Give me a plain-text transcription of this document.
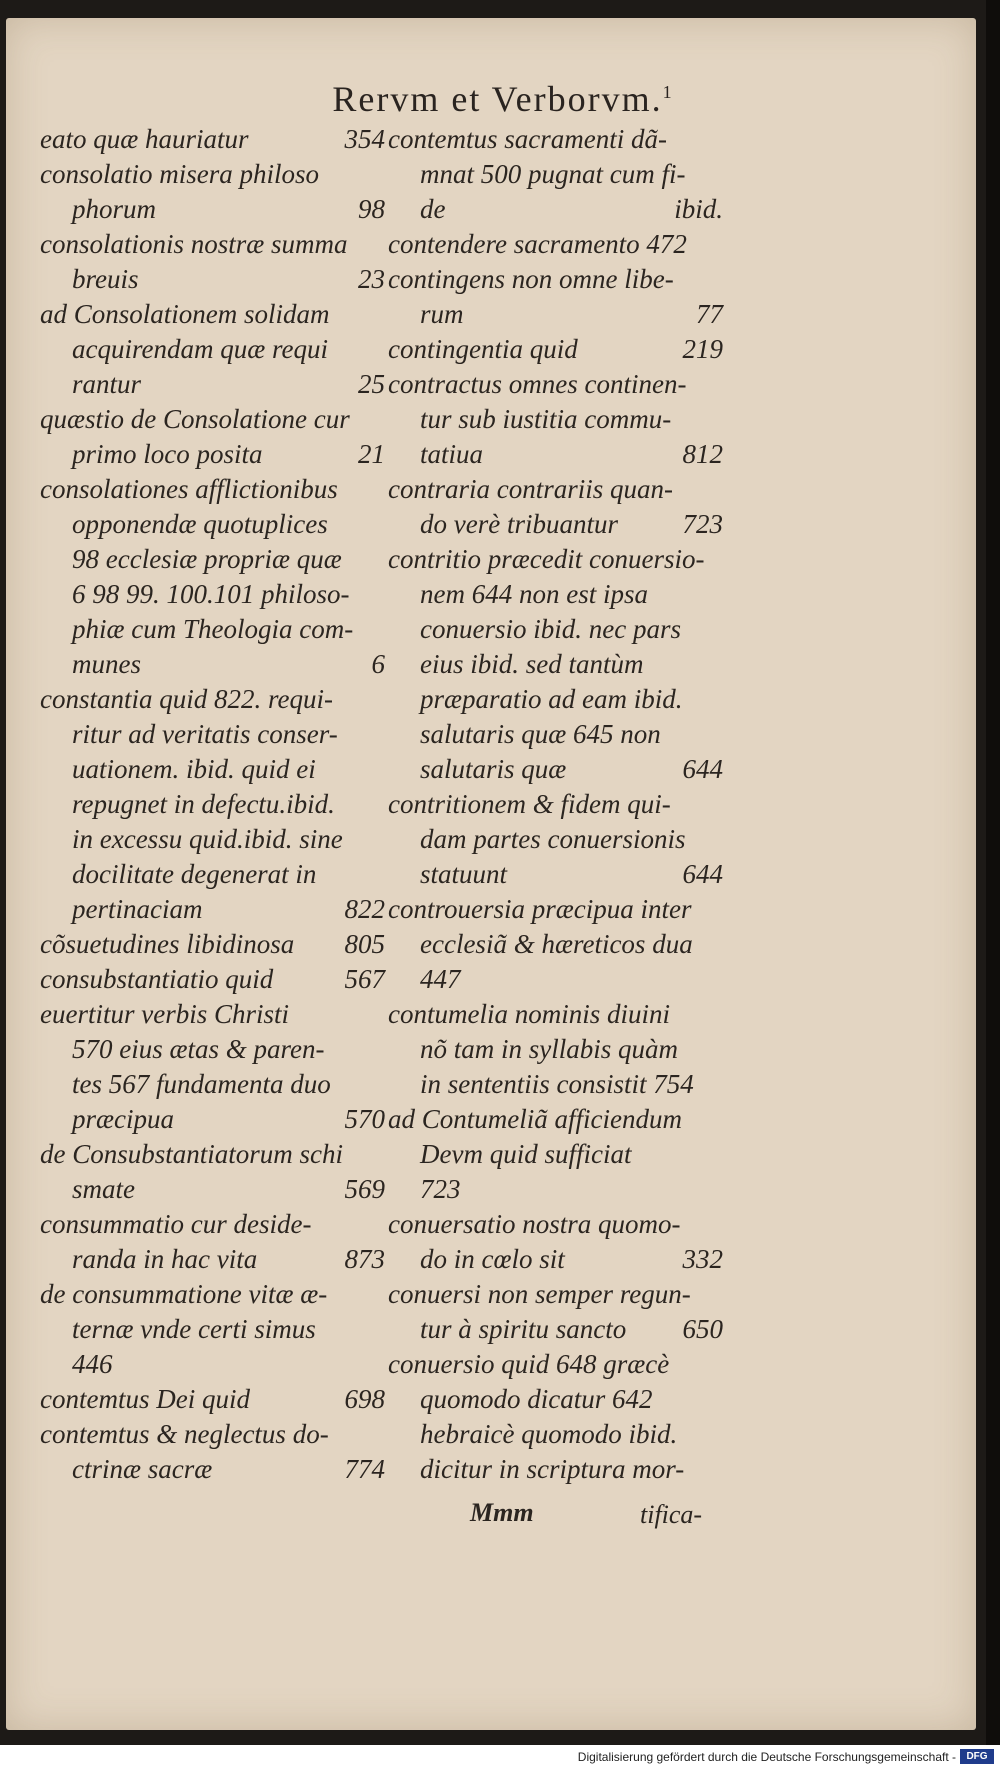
Rervm et Verborvm.$^1$
eato quæ hauriatur	354
consolatio misera philoso
phorum	98
consolationis nostræ summa
breuis	23
ad Consolationem solidam
acquirendam quæ requi
rantur	25
quæstio de Consolatione cur
primo loco posita	21
consolationes afflictionibus
opponendæ quotuplices
98 ecclesiæ propriæ quæ
6 98 99. 100.101 philoso-
phiæ cum Theologia com-
munes	6
constantia quid 822. requi-
ritur ad veritatis conser-
uationem. ibid. quid ei
repugnet in defectu.ibid.
in excessu quid.ibid. sine
docilitate degenerat in
pertinaciam	822
cõsuetudines libidinosa 805
consubstantiatio quid	567
euertitur verbis Christi
570 eius ætas & paren-
tes 567 fundamenta duo
præcipua	570
de Consubstantiatorum schi
smate	569
consummatio cur deside-
randa in hac vita	873
de consummatione vitæ æ-
ternæ vnde certi simus
446
contemtus Dei quid	698
contemtus & neglectus do-
ctrinæ sacræ	774
contemtus sacramenti dã-
mnat 500 pugnat cum fi-
de	ibid.
contendere sacramento 472
contingens non omne libe-
rum	77
contingentia quid	219
contractus omnes continen-
tur sub iustitia commu-
tatiua	812
contraria contrariis quan-
do verè tribuantur 723
contritio præcedit conuersio-
nem 644 non est ipsa
conuersio ibid. nec pars
eius ibid. sed tantùm
præparatio ad eam ibid.
salutaris quæ 645 non
salutaris quæ	644
contritionem & fidem qui-
dam partes conuersionis
statuunt	644
controuersia præcipua inter
ecclesiã & hæreticos dua
447
contumelia nominis diuini
nõ tam in syllabis quàm
in sententiis consistit 754
ad Contumeliã afficiendum
Devm quid sufficiat
723
conuersatio nostra quomo-
do in cœlo sit	332
conuersi non semper regun-
tur à spiritu sancto 650
conuersio quid 648 græcè
quomodo dicatur 642
hebraicè quomodo ibid.
dicitur in scriptura mor-
Mmm	tifica-
Digitalisierung gefördert durch die Deutsche Forschungsgemeinschaft -	DFG
